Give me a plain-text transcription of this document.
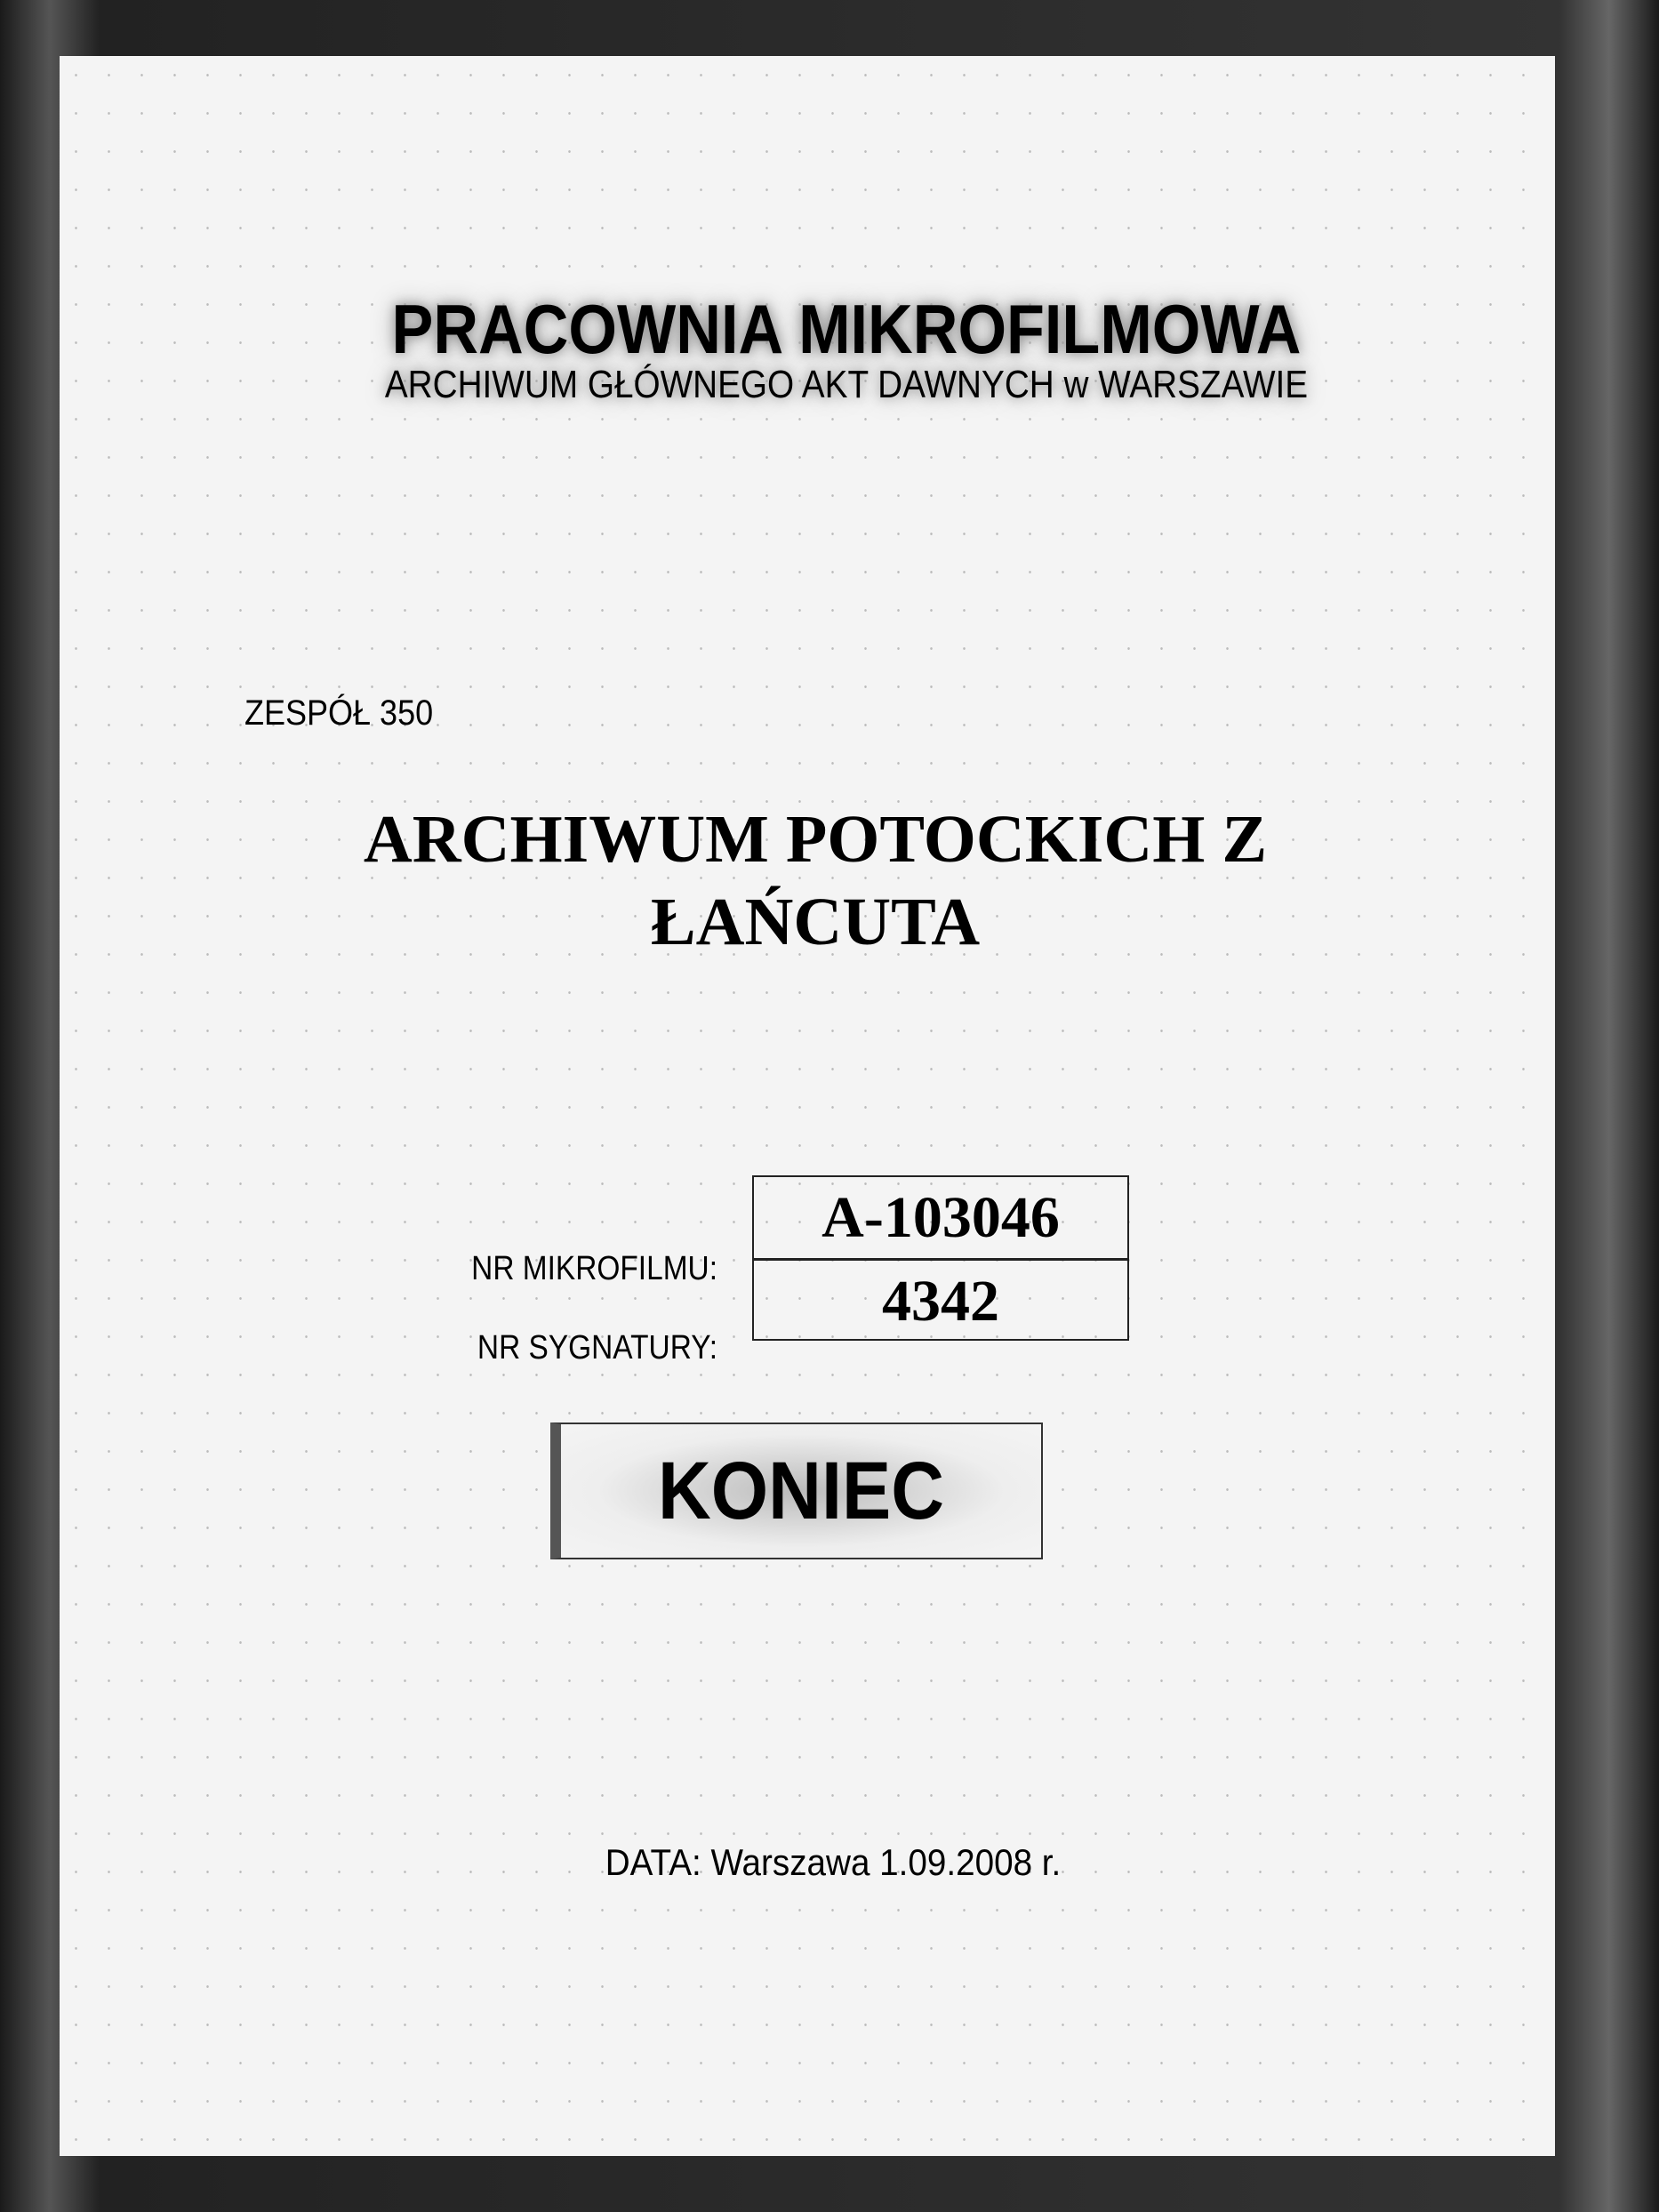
PRACOWNIA MIKROFILMOWA
ARCHIWUM GŁÓWNEGO AKT DAWNYCH w WARSZAWIE
ZESPÓŁ 350
ARCHIWUM POTOCKICH Z
ŁAŃCUTA
NR MIKROFILMU:
NR SYGNATURY:
A-103046
4342
KONIEC
DATA: Warszawa 1.09.2008 r.
